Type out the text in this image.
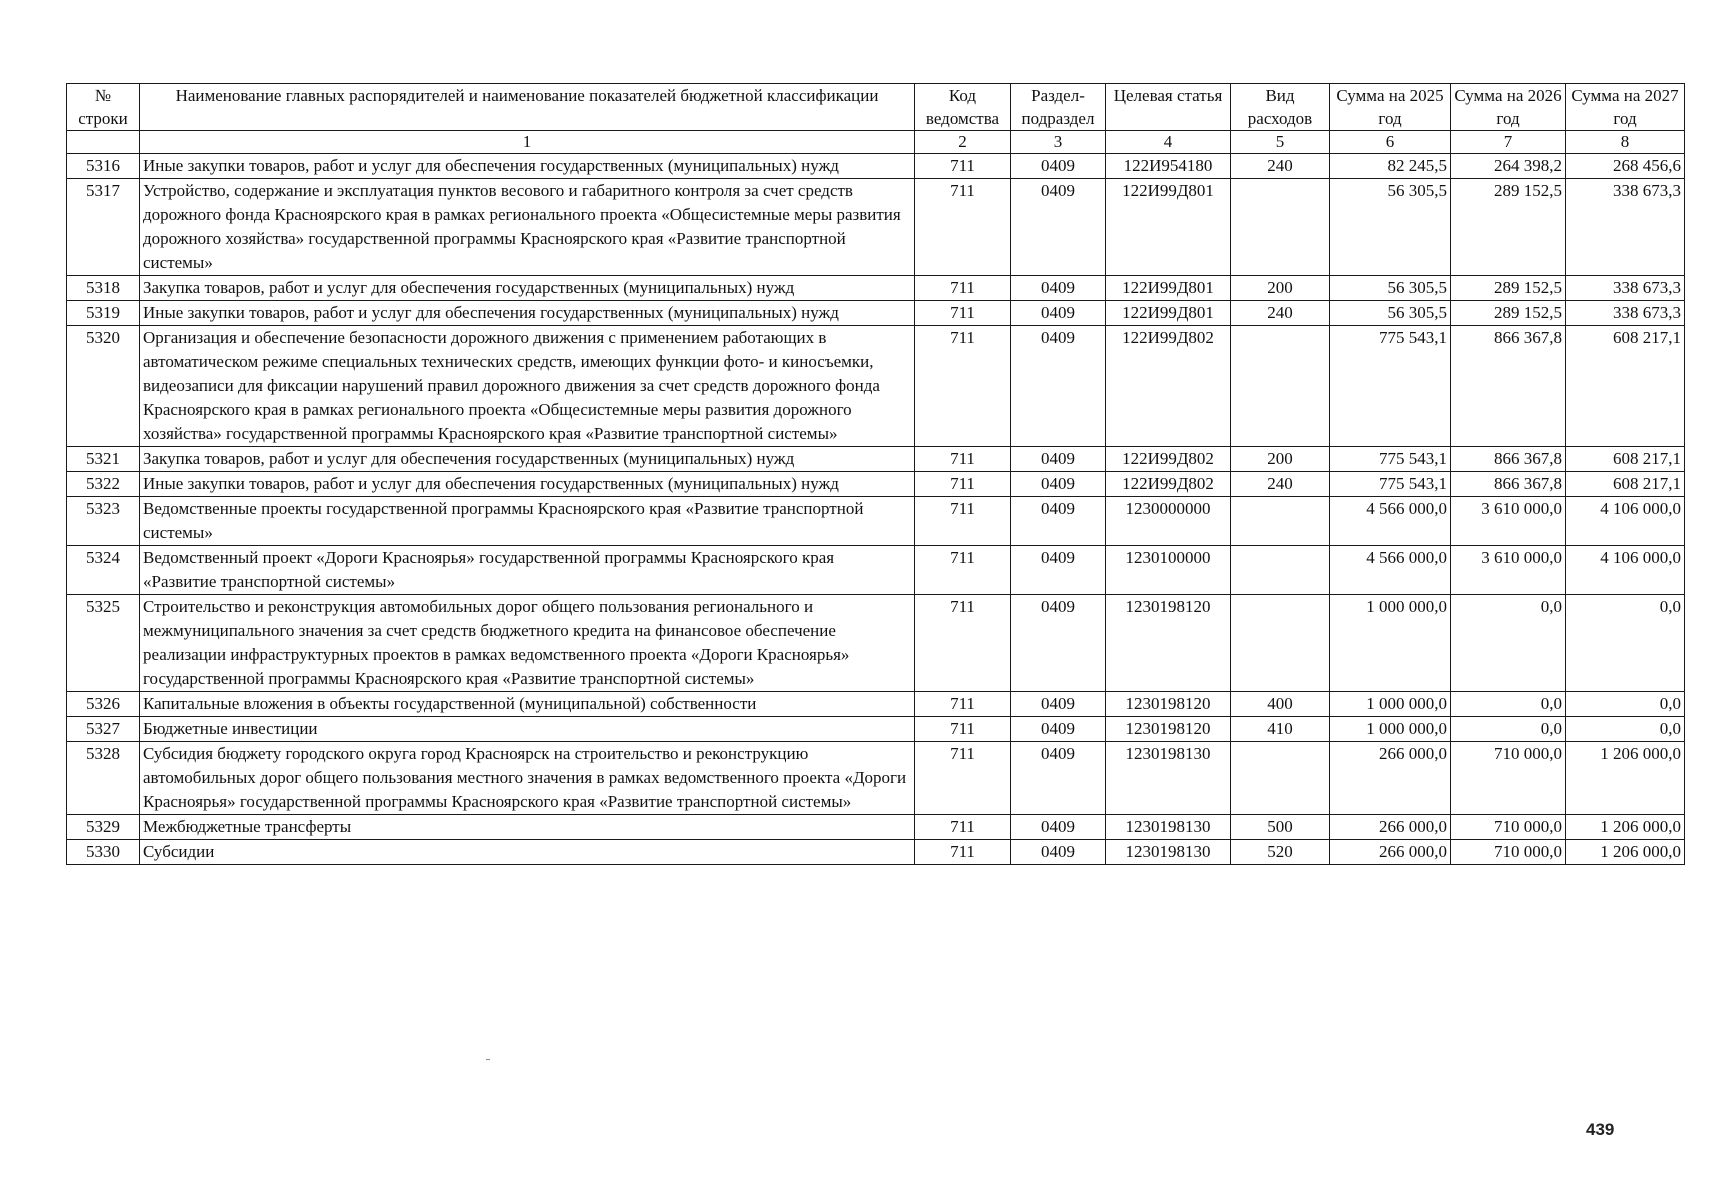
№ строки	Наименование главных распорядителей и наименование показателей бюджетной классификации	Код ведомства	Раздел-подраздел	Целевая статья	Вид расходов	Сумма на 2025 год	Сумма на 2026 год	Сумма на 2027 год
	1	2	3	4	5	6	7	8
5316	Иные закупки товаров, работ и услуг для обеспечения государственных (муниципальных) нужд	711	0409	122И954180	240	82 245,5	264 398,2	268 456,6
5317	Устройство, содержание и эксплуатация пунктов весового и габаритного контроля за счет средств дорожного фонда Красноярского края в рамках регионального проекта «Общесистемные меры развития дорожного хозяйства» государственной программы Красноярского края «Развитие транспортной системы»	711	0409	122И99Д801		56 305,5	289 152,5	338 673,3
5318	Закупка товаров, работ и услуг для обеспечения государственных (муниципальных) нужд	711	0409	122И99Д801	200	56 305,5	289 152,5	338 673,3
5319	Иные закупки товаров, работ и услуг для обеспечения государственных (муниципальных) нужд	711	0409	122И99Д801	240	56 305,5	289 152,5	338 673,3
5320	Организация и обеспечение безопасности дорожного движения с применением работающих в автоматическом режиме специальных технических средств, имеющих функции фото- и киносъемки, видеозаписи для фиксации нарушений правил дорожного движения за счет средств дорожного фонда Красноярского края в рамках регионального проекта «Общесистемные меры развития дорожного хозяйства» государственной программы Красноярского края «Развитие транспортной системы»	711	0409	122И99Д802		775 543,1	866 367,8	608 217,1
5321	Закупка товаров, работ и услуг для обеспечения государственных (муниципальных) нужд	711	0409	122И99Д802	200	775 543,1	866 367,8	608 217,1
5322	Иные закупки товаров, работ и услуг для обеспечения государственных (муниципальных) нужд	711	0409	122И99Д802	240	775 543,1	866 367,8	608 217,1
5323	Ведомственные проекты государственной программы Красноярского края «Развитие транспортной системы»	711	0409	1230000000		4 566 000,0	3 610 000,0	4 106 000,0
5324	Ведомственный проект «Дороги Красноярья» государственной программы Красноярского края «Развитие транспортной системы»	711	0409	1230100000		4 566 000,0	3 610 000,0	4 106 000,0
5325	Строительство и реконструкция автомобильных дорог общего пользования регионального и межмуниципального значения за счет средств бюджетного кредита на финансовое обеспечение реализации инфраструктурных проектов в рамках ведомственного проекта «Дороги Красноярья» государственной программы Красноярского края «Развитие транспортной системы»	711	0409	1230198120		1 000 000,0	0,0	0,0
5326	Капитальные вложения в объекты государственной (муниципальной) собственности	711	0409	1230198120	400	1 000 000,0	0,0	0,0
5327	Бюджетные инвестиции	711	0409	1230198120	410	1 000 000,0	0,0	0,0
5328	Субсидия бюджету городского округа город Красноярск на строительство и реконструкцию автомобильных дорог общего пользования местного значения в рамках ведомственного проекта «Дороги Красноярья» государственной программы Красноярского края «Развитие транспортной системы»	711	0409	1230198130		266 000,0	710 000,0	1 206 000,0
5329	Межбюджетные трансферты	711	0409	1230198130	500	266 000,0	710 000,0	1 206 000,0
5330	Субсидии	711	0409	1230198130	520	266 000,0	710 000,0	1 206 000,0
439
